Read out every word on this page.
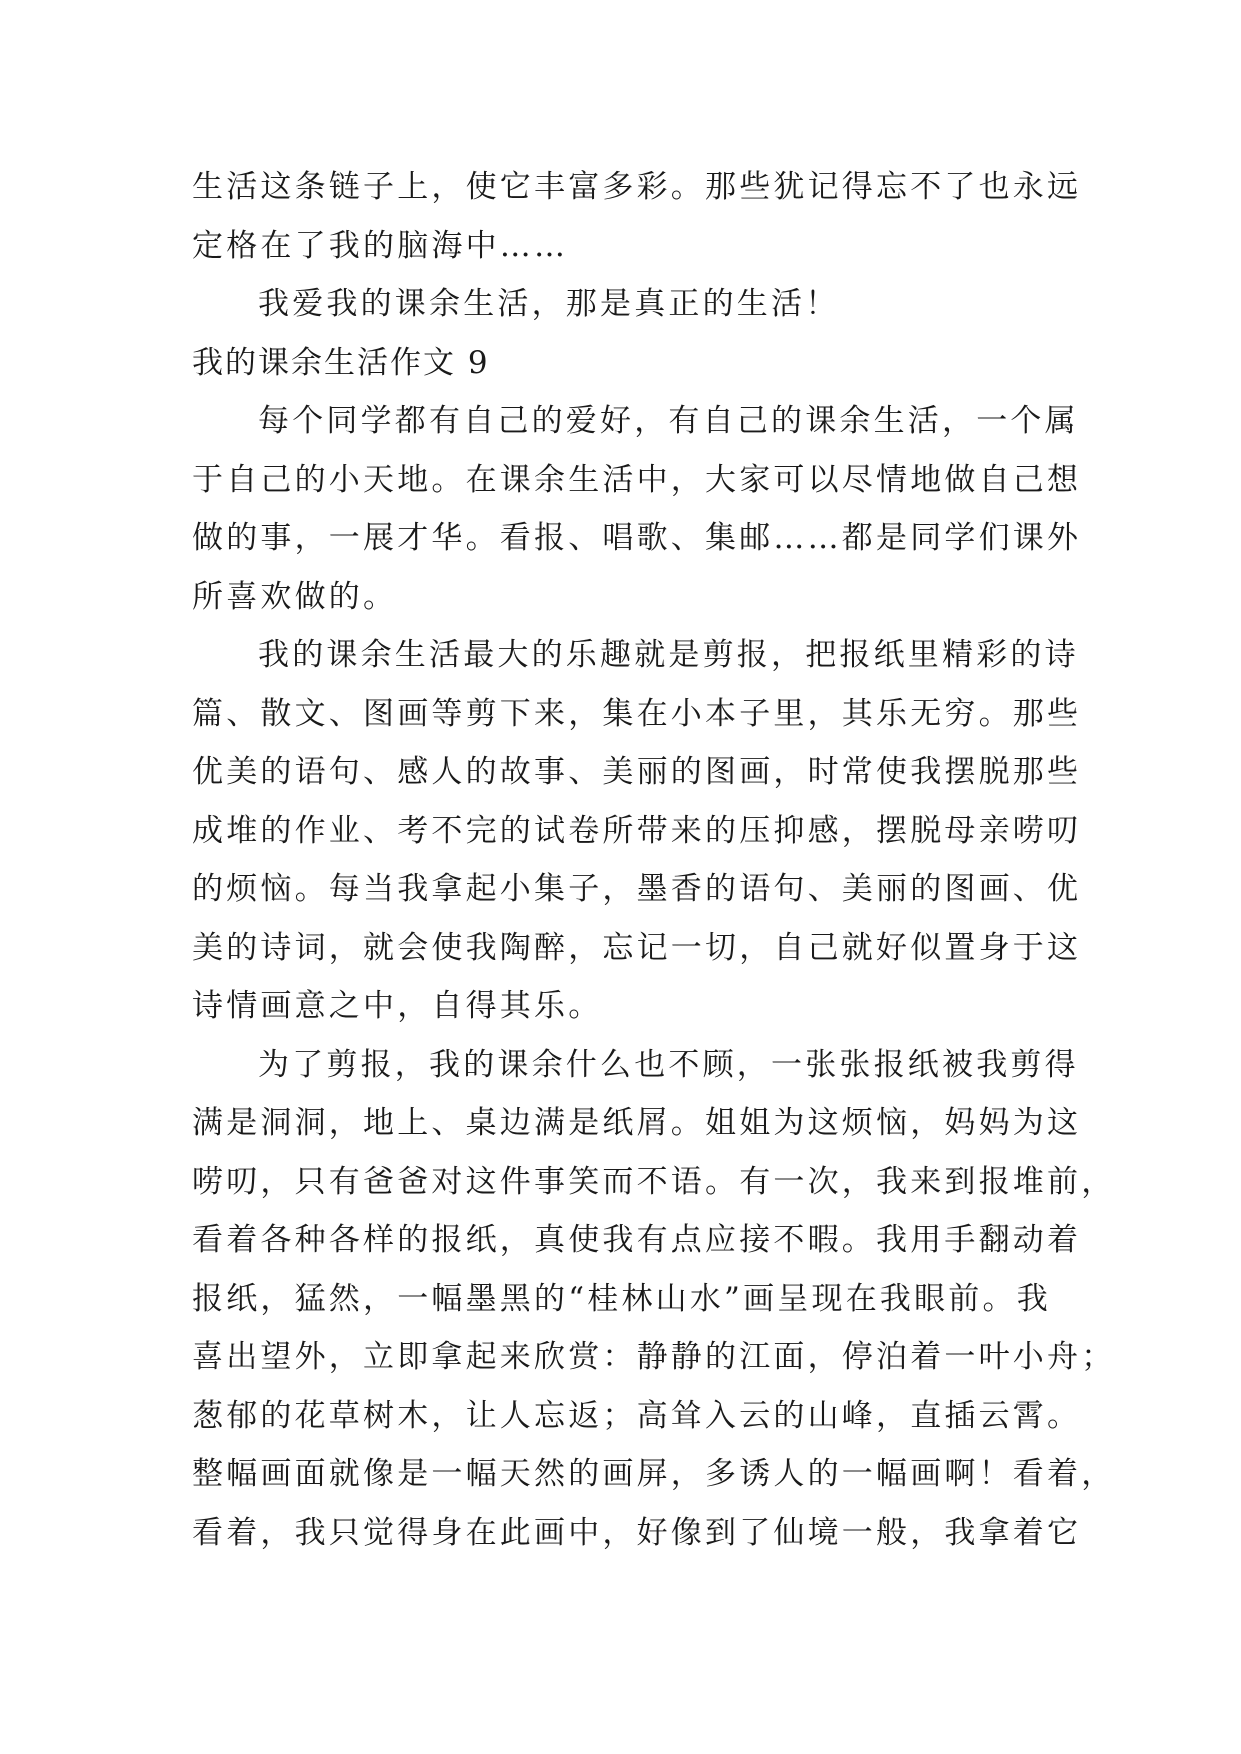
生活这条链子上，使它丰富多彩。那些犹记得忘不了也永远
定格在了我的脑海中……
我爱我的课余生活，那是真正的生活！
我的课余生活作文 9
每个同学都有自己的爱好，有自己的课余生活，一个属
于自己的小天地。在课余生活中，大家可以尽情地做自己想
做的事，一展才华。看报、唱歌、集邮……都是同学们课外
所喜欢做的。
我的课余生活最大的乐趣就是剪报，把报纸里精彩的诗
篇、散文、图画等剪下来，集在小本子里，其乐无穷。那些
优美的语句、感人的故事、美丽的图画，时常使我摆脱那些
成堆的作业、考不完的试卷所带来的压抑感，摆脱母亲唠叨
的烦恼。每当我拿起小集子，墨香的语句、美丽的图画、优
美的诗词，就会使我陶醉，忘记一切，自己就好似置身于这
诗情画意之中，自得其乐。
为了剪报，我的课余什么也不顾，一张张报纸被我剪得
满是洞洞，地上、桌边满是纸屑。姐姐为这烦恼，妈妈为这
唠叨，只有爸爸对这件事笑而不语。有一次，我来到报堆前，
看着各种各样的报纸，真使我有点应接不暇。我用手翻动着
报纸，猛然，一幅墨黑的“桂林山水”画呈现在我眼前。我
喜出望外，立即拿起来欣赏：静静的江面，停泊着一叶小舟；
葱郁的花草树木，让人忘返；高耸入云的山峰，直插云霄。
整幅画面就像是一幅天然的画屏，多诱人的一幅画啊！看着，
看着，我只觉得身在此画中，好像到了仙境一般，我拿着它
